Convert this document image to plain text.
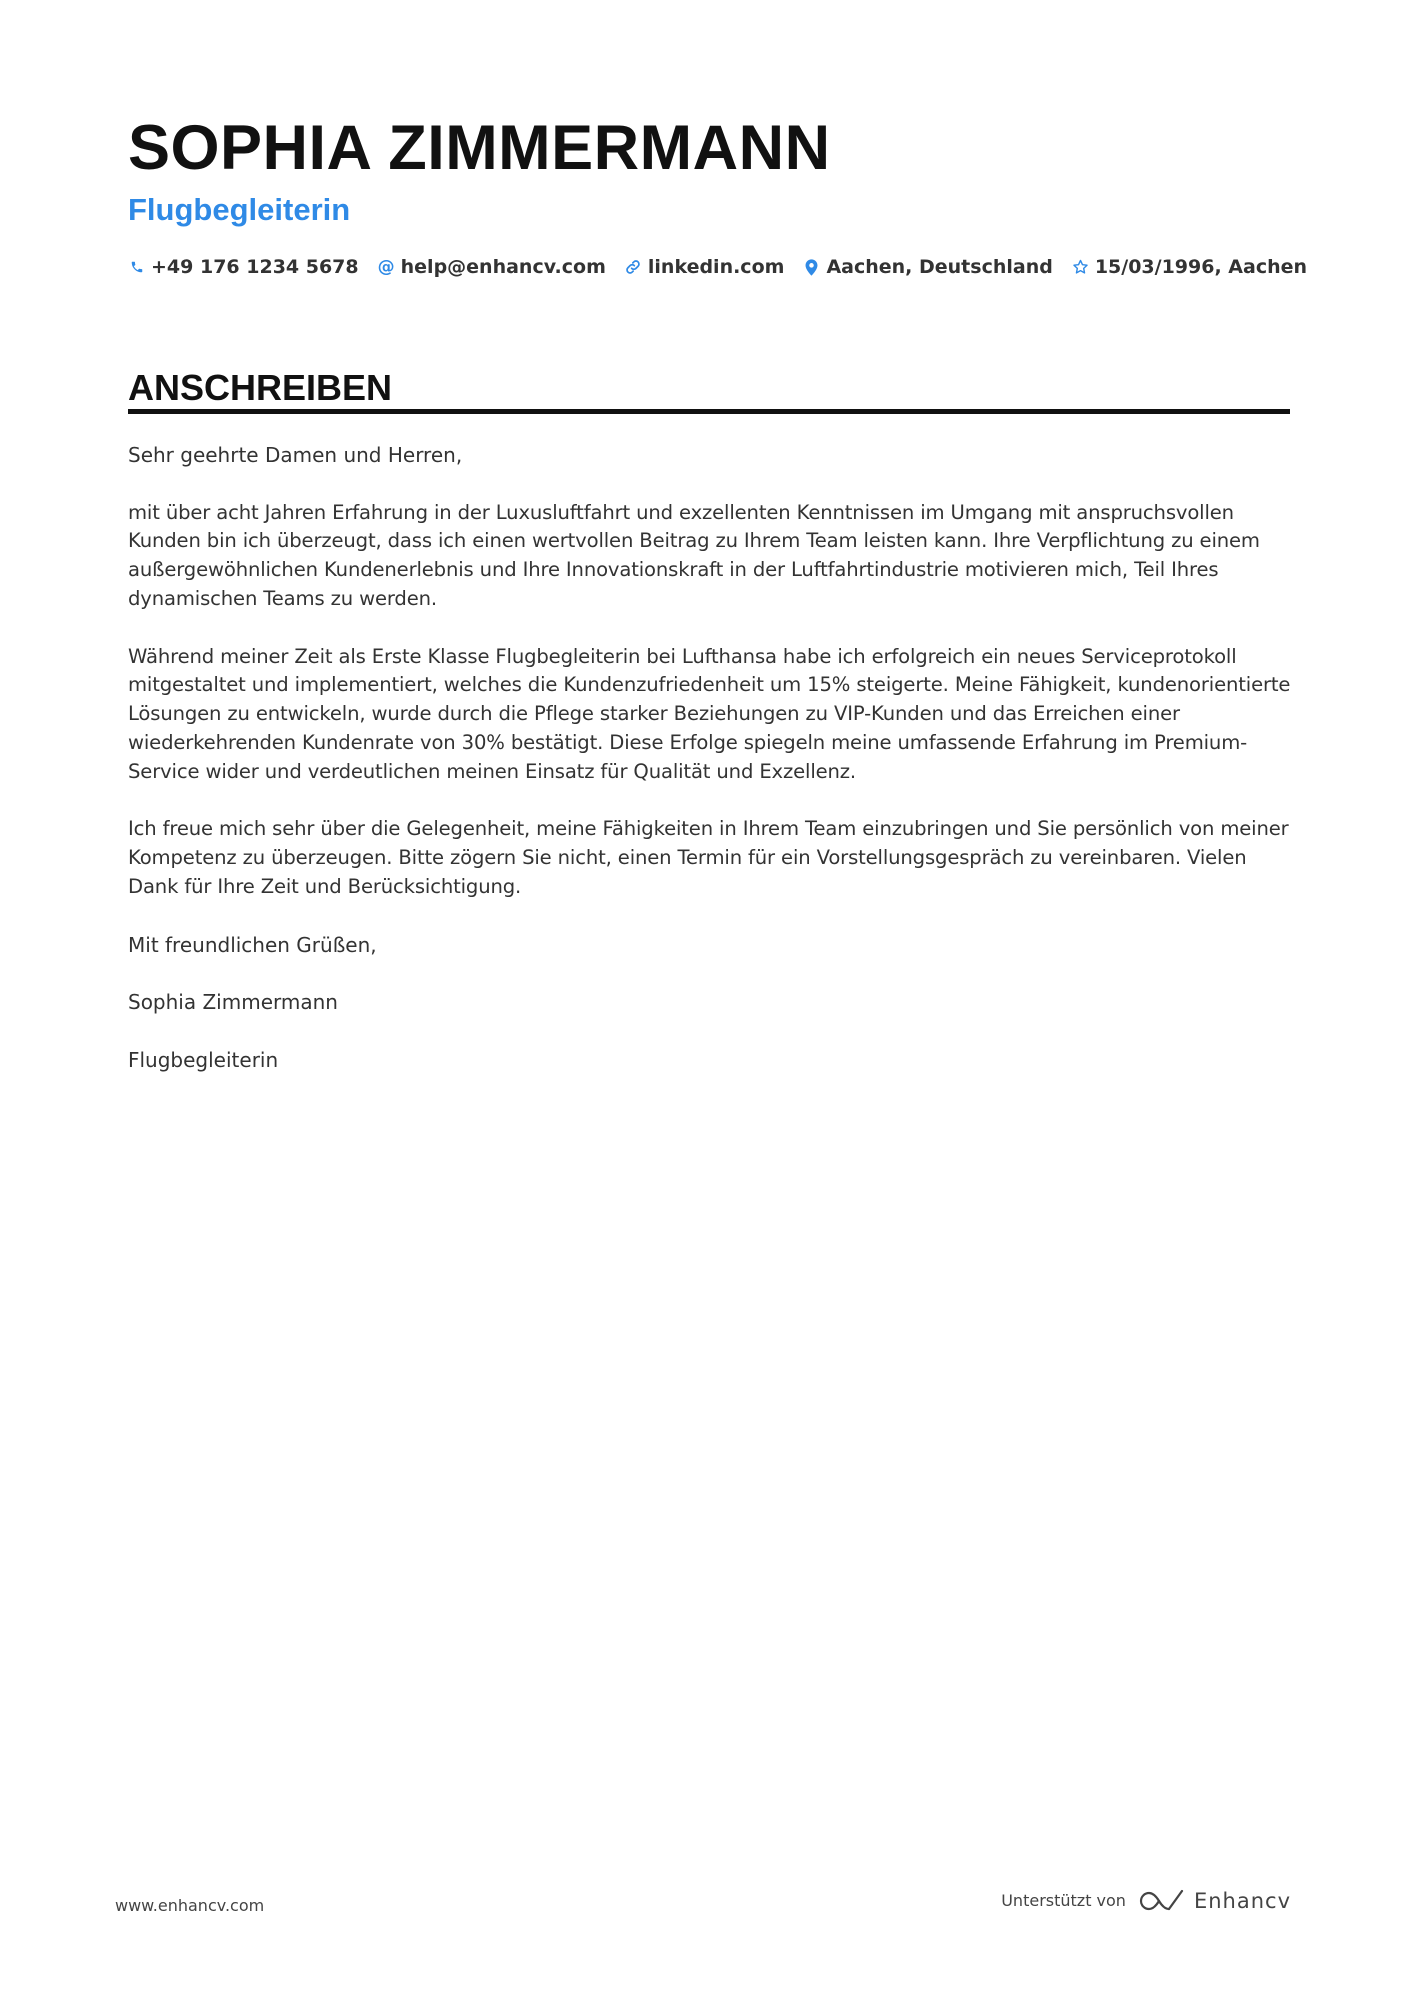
SOPHIA ZIMMERMANN
Flugbegleiterin
+49 176 1234 5678 @ help@enhancv.com linkedin.com Aachen, Deutschland 15/03/1996, Aachen
ANSCHREIBEN

Sehr geehrte Damen und Herren,

mit über acht Jahren Erfahrung in der Luxusluftfahrt und exzellenten Kenntnissen im Umgang mit anspruchsvollen Kunden bin ich überzeugt, dass ich einen wertvollen Beitrag zu Ihrem Team leisten kann. Ihre Verpflichtung zu einem außergewöhnlichen Kundenerlebnis und Ihre Innovationskraft in der Luftfahrtindustrie motivieren mich, Teil Ihres dynamischen Teams zu werden.

Während meiner Zeit als Erste Klasse Flugbegleiterin bei Lufthansa habe ich erfolgreich ein neues Serviceprotokoll mitgestaltet und implementiert, welches die Kundenzufriedenheit um 15% steigerte. Meine Fähigkeit, kundenorientierte Lösungen zu entwickeln, wurde durch die Pflege starker Beziehungen zu VIP-Kunden und das Erreichen einer wiederkehrenden Kundenrate von 30% bestätigt. Diese Erfolge spiegeln meine umfassende Erfahrung im Premium-Service wider und verdeutlichen meinen Einsatz für Qualität und Exzellenz.

Ich freue mich sehr über die Gelegenheit, meine Fähigkeiten in Ihrem Team einzubringen und Sie persönlich von meiner Kompetenz zu überzeugen. Bitte zögern Sie nicht, einen Termin für ein Vorstellungsgespräch zu vereinbaren. Vielen Dank für Ihre Zeit und Berücksichtigung.

Mit freundlichen Grüßen,

Sophia Zimmermann

Flugbegleiterin

www.enhancv.com	Unterstützt von	Enhancv
